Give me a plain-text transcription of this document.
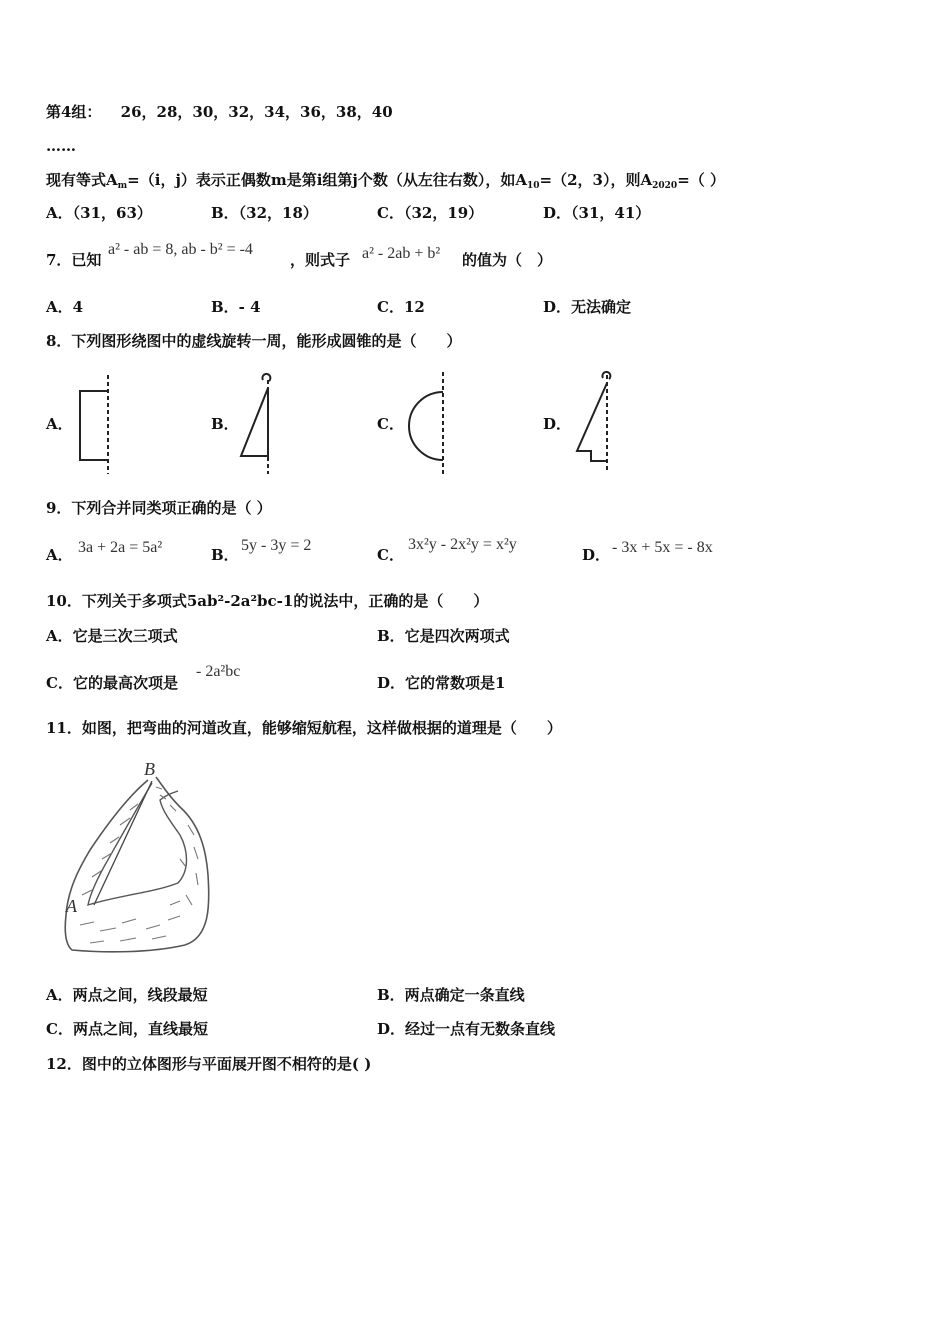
第4组： 26，28，30，32，34，36，38，40
……
现有等式$A_m=(i$，j）表示正偶数m是第i组第j个数（从左往右数），如$A_{10}=(2$，3），则$A_{2020}=$（ ）
A．（31，63）	B．（32，18）	C．（32，19）	D．（31，41）
7．已知
a² - ab = 8, ab - b² = -4
，则式子 a² - 2ab + b² 的值为（　）
A．4	B．- 4	C．12	D．无法确定
8．下列图形绕图中的虚线旋转一周，能形成圆锥的是（　　）
A．	B．	C．	D．
9．下列合并同类项正确的是（ ）
A． 3a + 2a = 5a²	B．
5y - 3y = 2
C．
3x²y - 2x²y = x²y
D． - 3x + 5x = - 8x
10．下列关于多项式5ab²-2a²bc-1的说法中，正确的是（　　）
A．它是三次三项式	B．它是四次两项式
C．它的最高次项是
- 2a²bc
D．它的常数项是1
11．如图，把弯曲的河道改直，能够缩短航程，这样做根据的道理是（　　）
B
A
A．两点之间，线段最短	B．两点确定一条直线
C．两点之间，直线最短	D．经过一点有无数条直线
12．图中的立体图形与平面展开图不相符的是( )
